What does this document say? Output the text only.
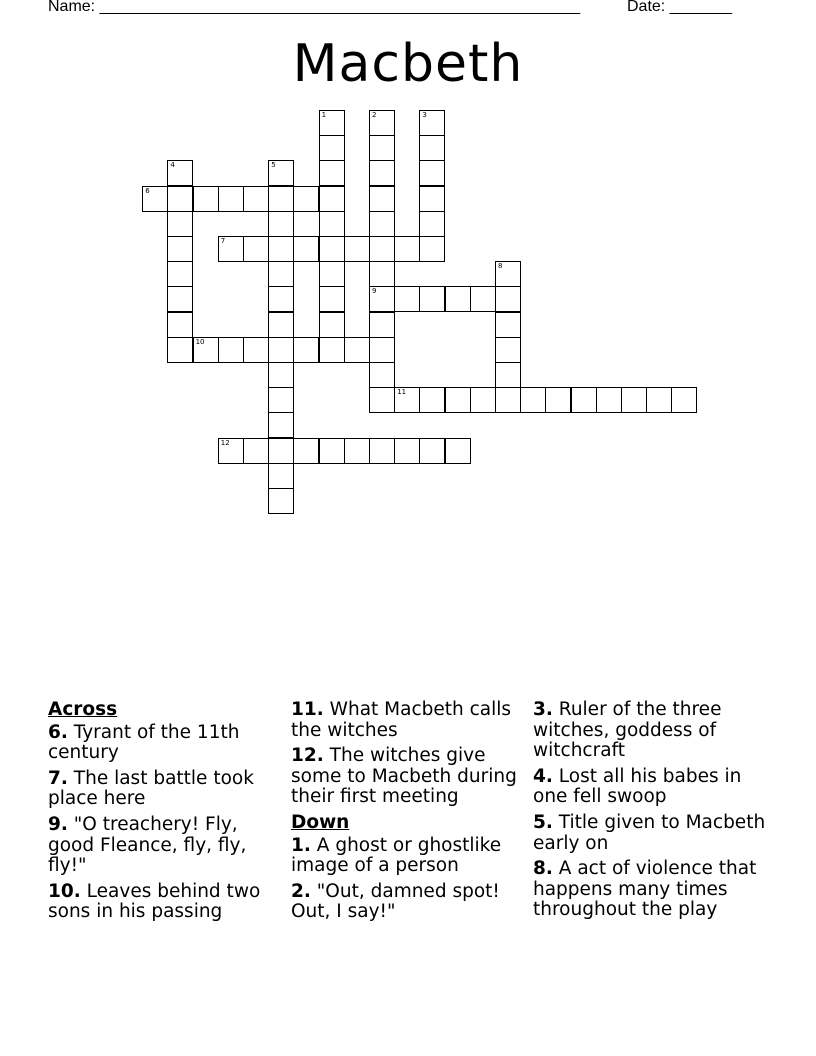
Name: ______________________________________________________	Date: _______
Macbeth
1	2
9
3
4	5
6
7
8
10
11
12
Across
6. Tyrant of the 11th century
7. The last battle took place here
9. "O treachery! Fly, good Fleance, fly, fly, fly!"
10. Leaves behind two sons in his passing
11. What Macbeth calls the witches
12. The witches give some to Macbeth during their first meeting
Down
1. A ghost or ghostlike image of a person
2. "Out, damned spot! Out, I say!"
3. Ruler of the three witches, goddess of witchcraft
4. Lost all his babes in one fell swoop
5. Title given to Macbeth early on
8. A act of violence that happens many times throughout the play
